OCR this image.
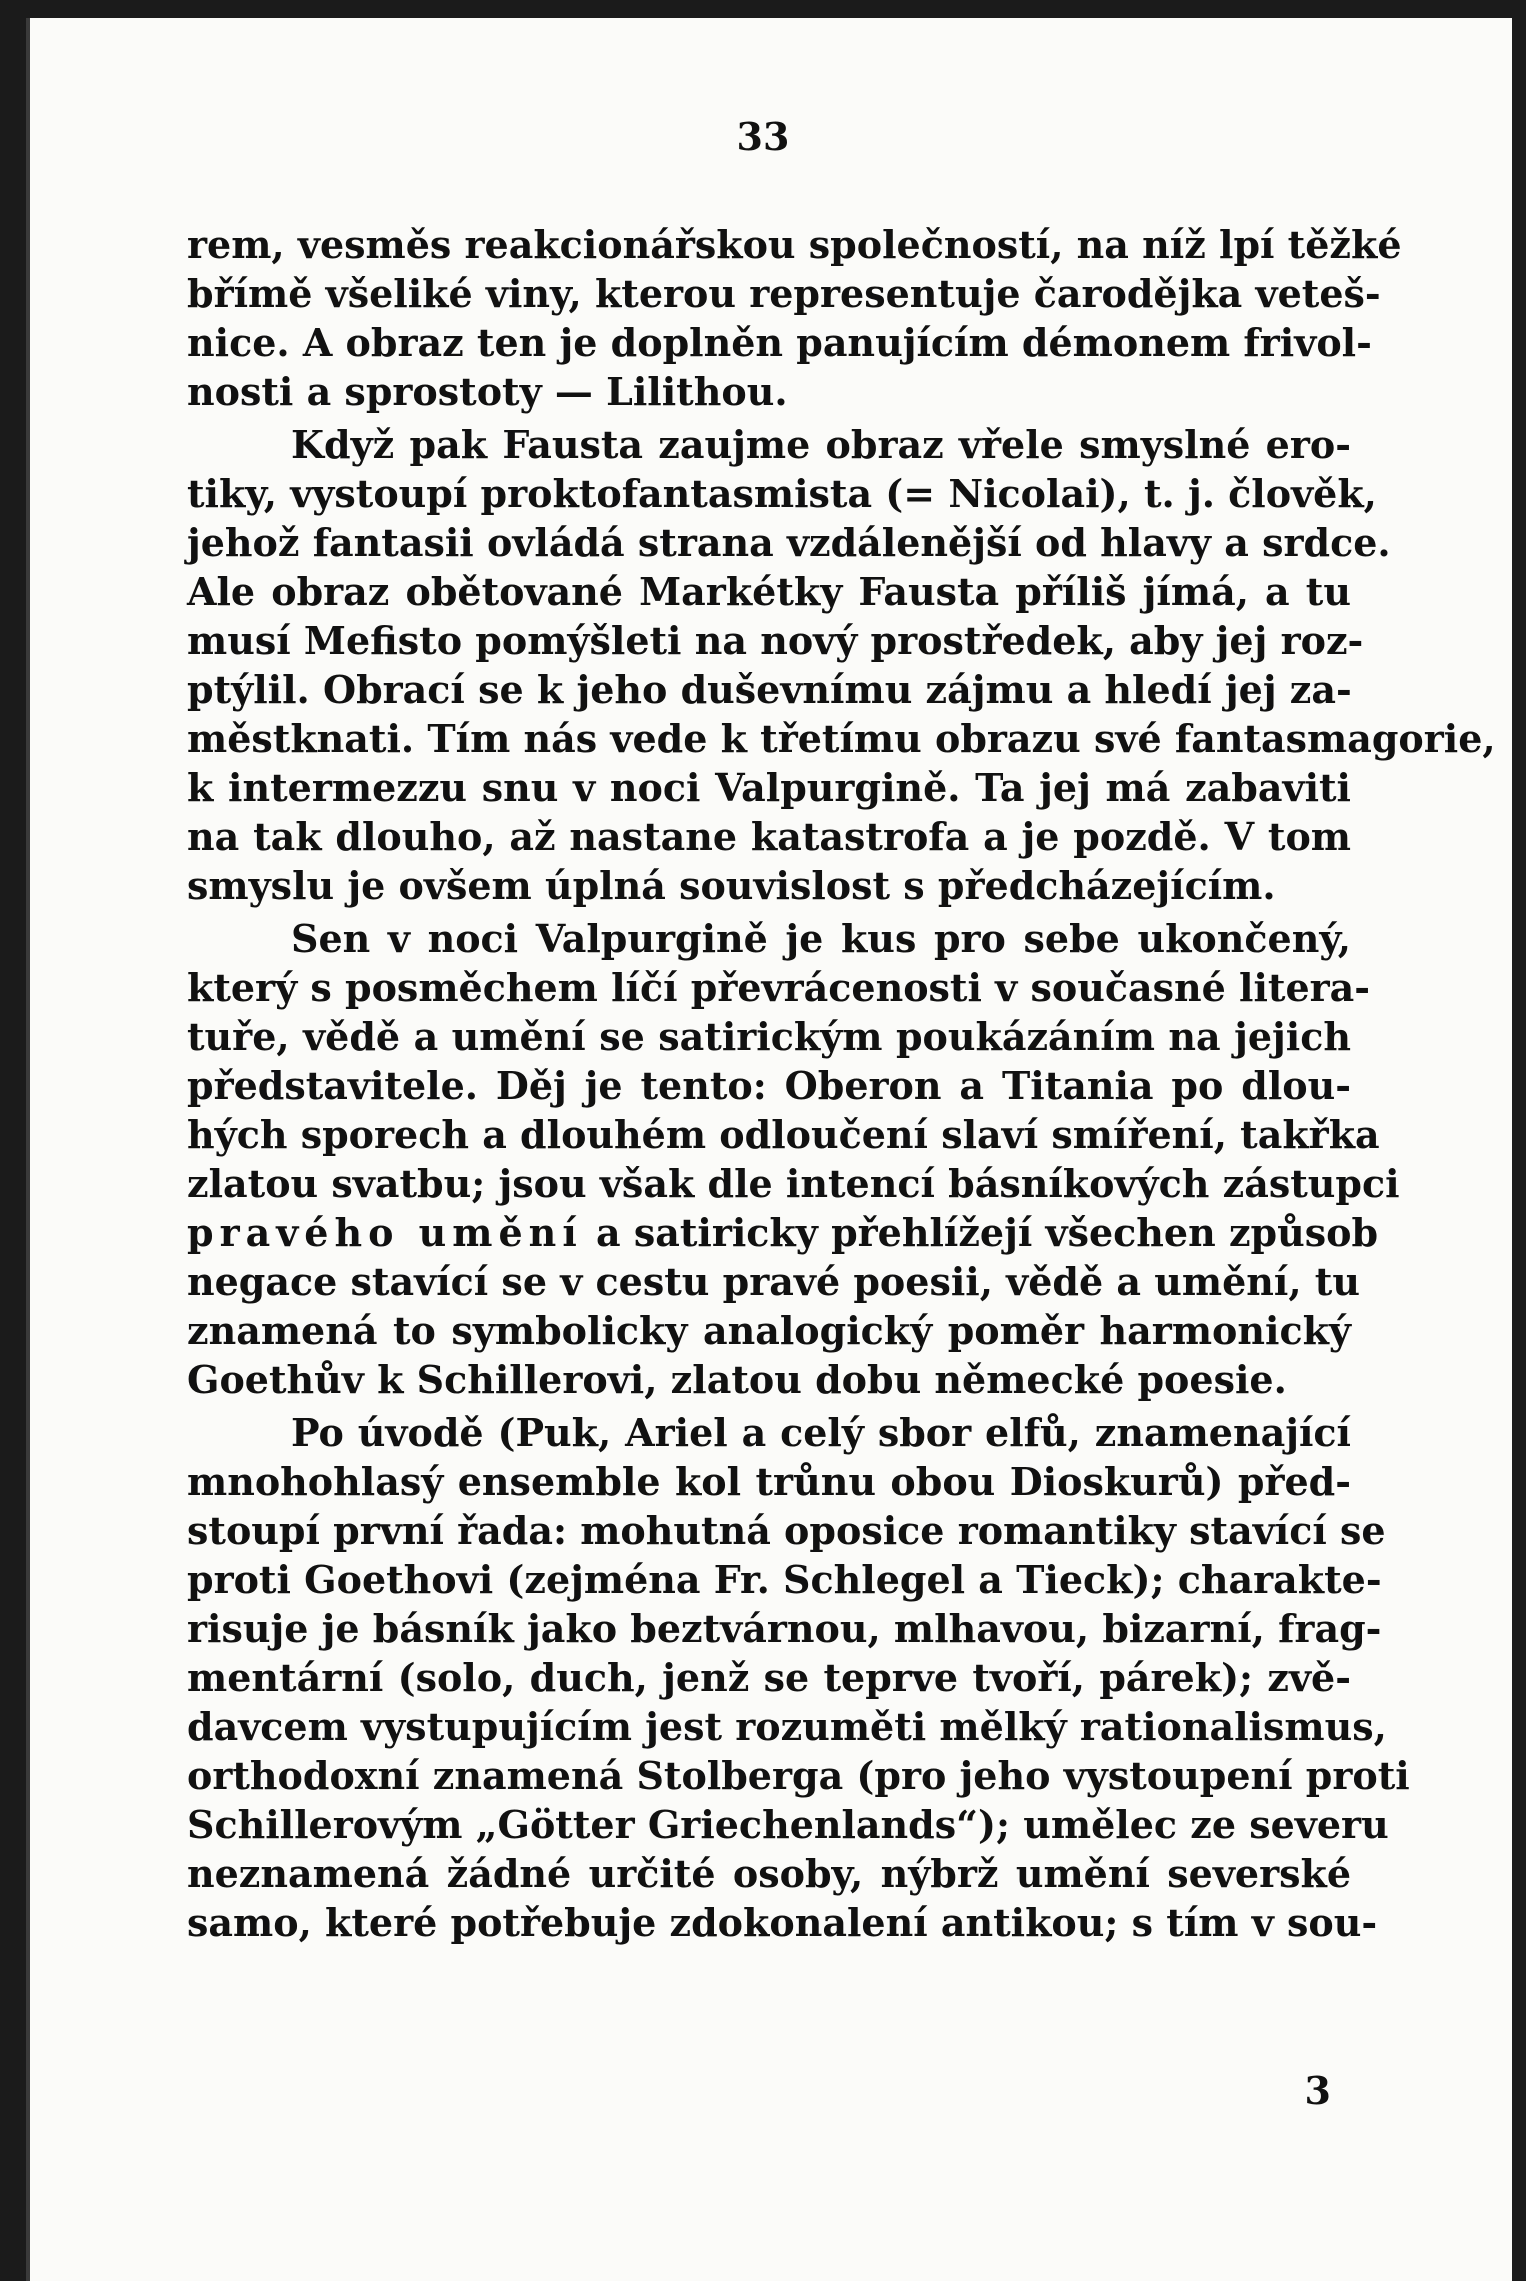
33
rem, vesměs reakcionářskou společností, na níž lpí těžké
břímě všeliké viny, kterou representuje čarodějka veteš-
nice. A obraz ten je doplněn panujícím démonem frivol-
nosti a sprostoty — Lilithou.
Když pak Fausta zaujme obraz vřele smyslné ero-
tiky, vystoupí proktofantasmista (= Nicolai), t. j. člověk,
jehož fantasii ovládá strana vzdálenější od hlavy a srdce.
Ale obraz obětované Markétky Fausta příliš jímá, a tu
musí Mefisto pomýšleti na nový prostředek, aby jej roz-
ptýlil. Obrací se k jeho duševnímu zájmu a hledí jej za-
městknati. Tím nás vede k třetímu obrazu své fantasmagorie,
k intermezzu snu v noci Valpurgině. Ta jej má zabaviti
na tak dlouho, až nastane katastrofa a je pozdě. V tom
smyslu je ovšem úplná souvislost s předcházejícím.
Sen v noci Valpurgině je kus pro sebe ukončený,
který s posměchem líčí převrácenosti v současné litera-
tuře, vědě a umění se satirickým poukázáním na jejich
představitele. Děj je tento: Oberon a Titania po dlou-
hých sporech a dlouhém odloučení slaví smíření, takřka
zlatou svatbu; jsou však dle intencí básníkových zástupci
pravého umění a satiricky přehlížejí všechen způsob
negace stavící se v cestu pravé poesii, vědě a umění, tu
znamená to symbolicky analogický poměr harmonický
Goethův k Schillerovi, zlatou dobu německé poesie.
Po úvodě (Puk, Ariel a celý sbor elfů, znamenající
mnohohlasý ensemble kol trůnu obou Dioskurů) před-
stoupí první řada: mohutná oposice romantiky stavící se
proti Goethovi (zejména Fr. Schlegel a Tieck); charakte-
risuje je básník jako beztvárnou, mlhavou, bizarní, frag-
mentární (solo, duch, jenž se teprve tvoří, párek); zvě-
davcem vystupujícím jest rozuměti mělký rationalismus,
orthodoxní znamená Stolberga (pro jeho vystoupení proti
Schillerovým „Götter Griechenlands“); umělec ze severu
neznamená žádné určité osoby, nýbrž umění severské
samo, které potřebuje zdokonalení antikou; s tím v sou-
3
